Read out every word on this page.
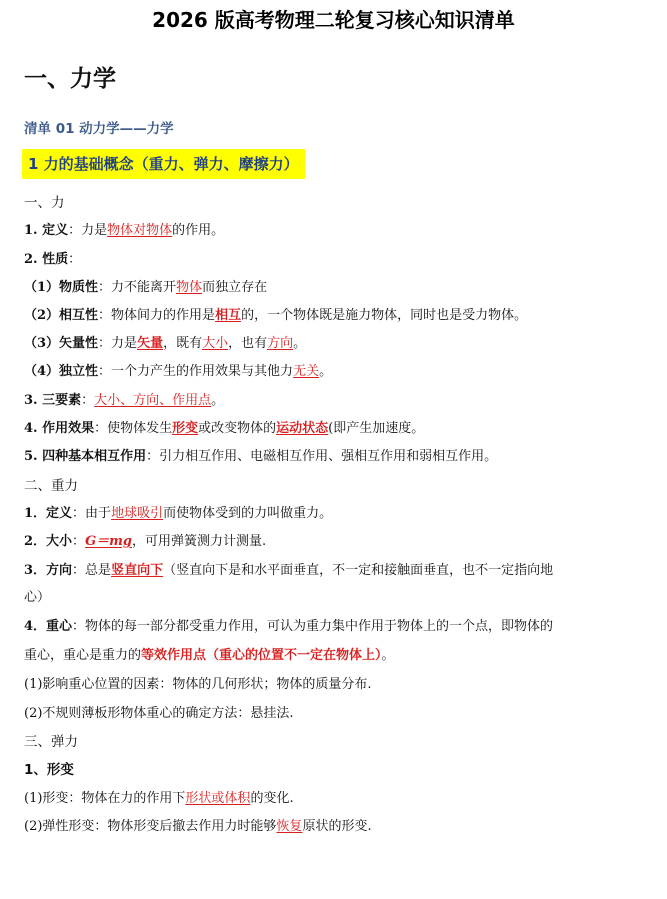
2026 版高考物理二轮复习核心知识清单
一、力学
清单 01 动力学——力学
1 力的基础概念（重力、弹力、摩擦力）
一、力
1. 定义：力是物体对物体的作用。
2. 性质：
（1）物质性：力不能离开物体而独立存在
（2）相互性：物体间力的作用是相互的，一个物体既是施力物体，同时也是受力物体。
（3）矢量性：力是矢量，既有大小，也有方向。
（4）独立性：一个力产生的作用效果与其他力无关。
3. 三要素：大小、方向、作用点。
4. 作用效果：使物体发生形变或改变物体的运动状态(即产生加速度。
5. 四种基本相互作用：引力相互作用、电磁相互作用、强相互作用和弱相互作用。
二、重力
1．定义：由于地球吸引而使物体受到的力叫做重力。
2．大小：G＝mg，可用弹簧测力计测量.
3．方向：总是竖直向下（竖直向下是和水平面垂直，不一定和接触面垂直，也不一定指向地
心）
4．重心：物体的每一部分都受重力作用，可认为重力集中作用于物体上的一个点，即物体的
重心，重心是重力的等效作用点（重心的位置不一定在物体上）。
(1)影响重心位置的因素：物体的几何形状；物体的质量分布.
(2)不规则薄板形物体重心的确定方法：悬挂法.
三、弹力
1、形变
(1)形变：物体在力的作用下形状或体积的变化.
(2)弹性形变：物体形变后撤去作用力时能够恢复原状的形变.
